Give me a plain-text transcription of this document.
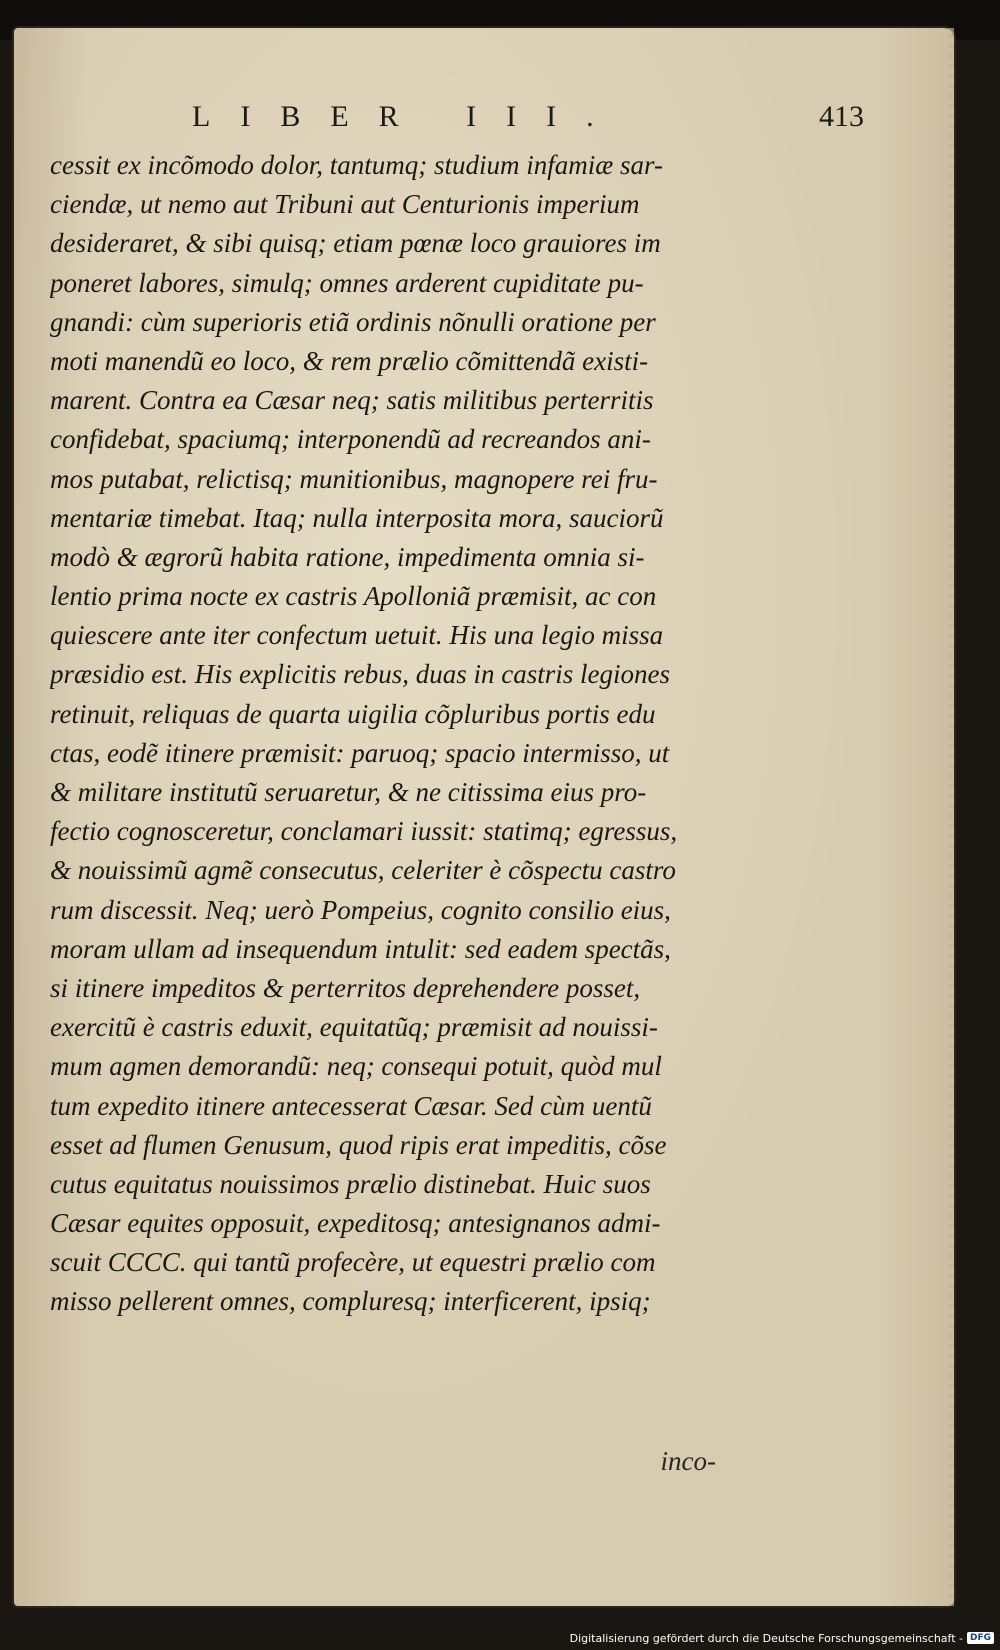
LIBER III.	413
cessit ex incõmodo dolor, tantumq; studium infamiæ sar-
ciendæ, ut nemo aut Tribuni aut Centurionis imperium
desideraret, & sibi quisq; etiam pœnæ loco grauiores im
poneret labores, simulq; omnes arderent cupiditate pu-
gnandi: cùm superioris etiã ordinis nõnulli oratione per
moti manendũ eo loco, & rem prælio cõmittendã existi-
marent. Contra ea Cæsar neq; satis militibus perterritis
confidebat, spaciumq; interponendũ ad recreandos ani-
mos putabat, relictisq; munitionibus, magnopere rei fru-
mentariæ timebat. Itaq; nulla interposita mora, sauciorũ
modò & ægrorũ habita ratione, impedimenta omnia si-
lentio prima nocte ex castris Apolloniã præmisit, ac con
quiescere ante iter confectum uetuit. His una legio missa
præsidio est. His explicitis rebus, duas in castris legiones
retinuit, reliquas de quarta uigilia cõpluribus portis edu
ctas, eodẽ itinere præmisit: paruoq; spacio intermisso, ut
& militare institutũ seruaretur, & ne citissima eius pro-
fectio cognosceretur, conclamari iussit: statimq; egressus,
& nouissimũ agmẽ consecutus, celeriter è cõspectu castro
rum discessit. Neq; uerò Pompeius, cognito consilio eius,
moram ullam ad insequendum intulit: sed eadem spectãs,
si itinere impeditos & perterritos deprehendere posset,
exercitũ è castris eduxit, equitatũq; præmisit ad nouissi-
mum agmen demorandũ: neq; consequi potuit, quòd mul
tum expedito itinere antecesserat Cæsar. Sed cùm uentũ
esset ad flumen Genusum, quod ripis erat impeditis, cõse
cutus equitatus nouissimos prælio distinebat. Huic suos
Cæsar equites opposuit, expeditosq; antesignanos admi-
scuit CCCC. qui tantũ profecère, ut equestri prælio com
misso pellerent omnes, compluresq; interficerent, ipsiq;
inco-
Digitalisierung gefördert durch die Deutsche Forschungsgemeinschaft - DFG
